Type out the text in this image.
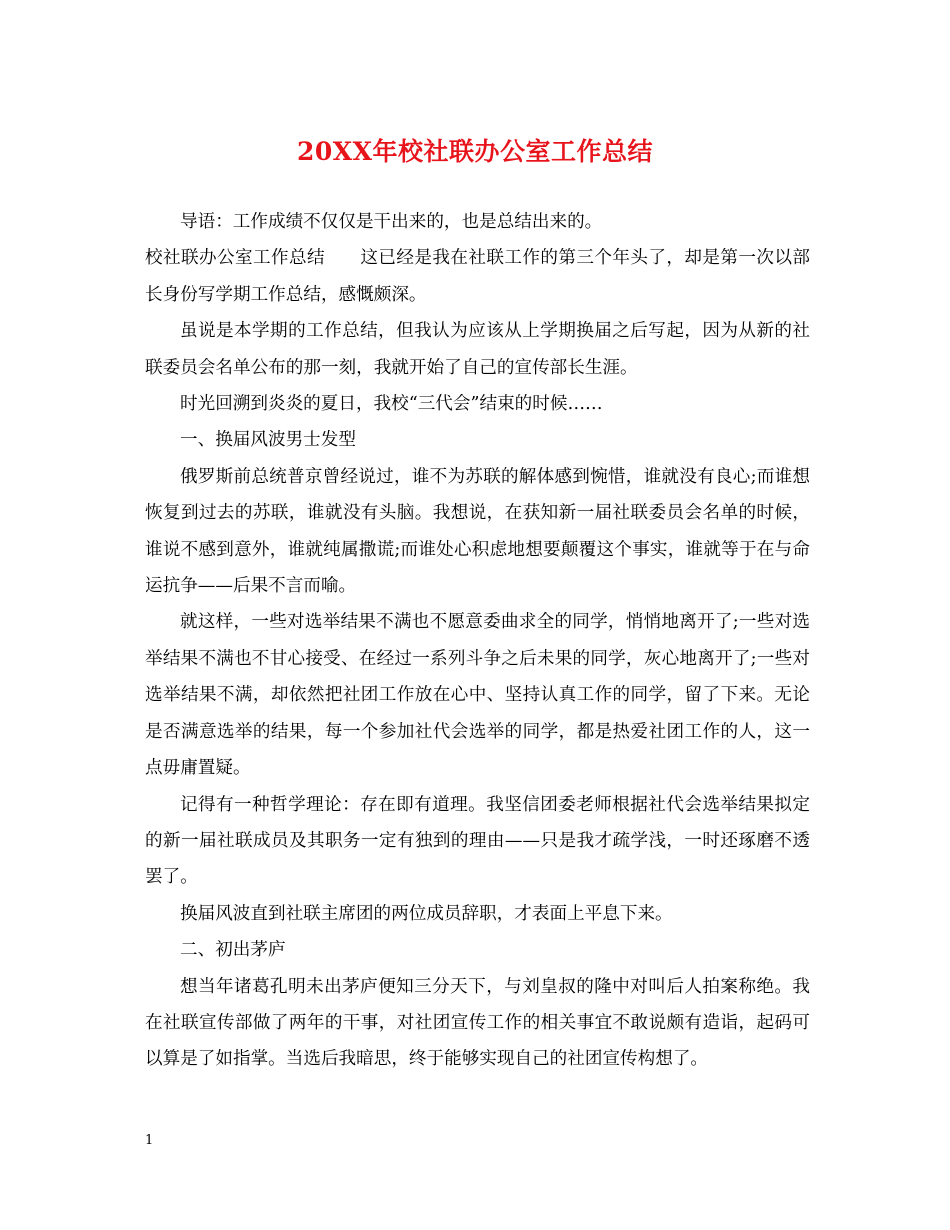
20XX年校社联办公室工作总结

导语：工作成绩不仅仅是干出来的，也是总结出来的。

校社联办公室工作总结 这已经是我在社联工作的第三个年头了，却是第一次以部长身份写学期工作总结，感慨颇深。

虽说是本学期的工作总结，但我认为应该从上学期换届之后写起，因为从新的社联委员会名单公布的那一刻，我就开始了自己的宣传部长生涯。

时光回溯到炎炎的夏日，我校“三代会”结束的时候……

一、换届风波男士发型

俄罗斯前总统普京曾经说过，谁不为苏联的解体感到惋惜，谁就没有良心;而谁想恢复到过去的苏联，谁就没有头脑。我想说，在获知新一届社联委员会名单的时候，谁说不感到意外，谁就纯属撒谎;而谁处心积虑地想要颠覆这个事实，谁就等于在与命运抗争——后果不言而喻。

就这样，一些对选举结果不满也不愿意委曲求全的同学，悄悄地离开了;一些对选举结果不满也不甘心接受、在经过一系列斗争之后未果的同学，灰心地离开了;一些对选举结果不满，却依然把社团工作放在心中、坚持认真工作的同学，留了下来。无论是否满意选举的结果，每一个参加社代会选举的同学，都是热爱社团工作的人，这一点毋庸置疑。

记得有一种哲学理论：存在即有道理。我坚信团委老师根据社代会选举结果拟定的新一届社联成员及其职务一定有独到的理由——只是我才疏学浅，一时还琢磨不透罢了。

换届风波直到社联主席团的两位成员辞职，才表面上平息下来。

二、初出茅庐

想当年诸葛孔明未出茅庐便知三分天下，与刘皇叔的隆中对叫后人拍案称绝。我在社联宣传部做了两年的干事，对社团宣传工作的相关事宜不敢说颇有造诣，起码可以算是了如指掌。当选后我暗思，终于能够实现自己的社团宣传构想了。

1
